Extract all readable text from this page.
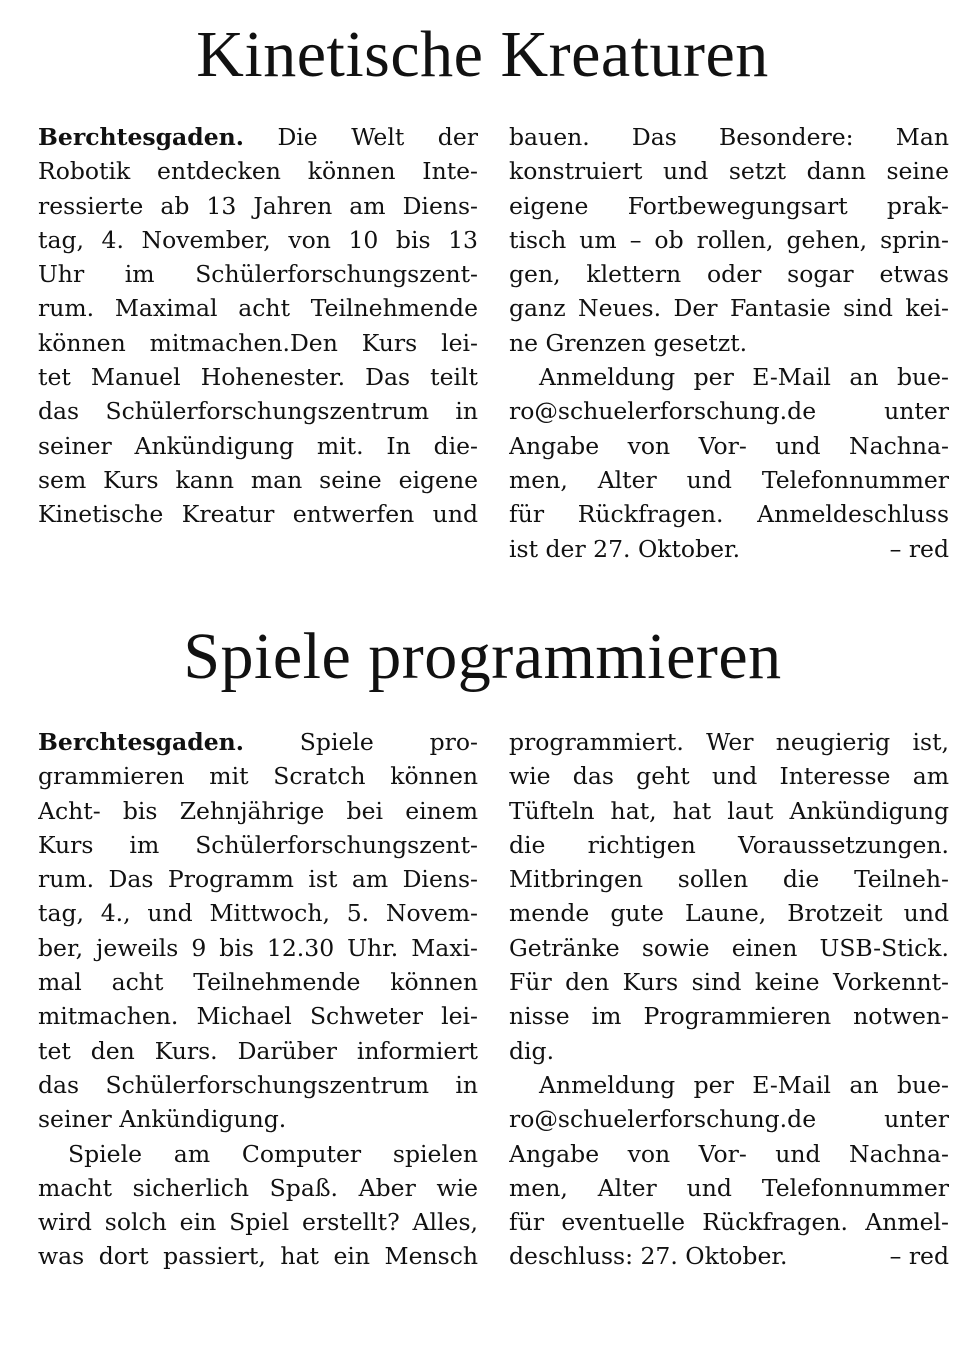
Kinetische Kreaturen
Berchtesgaden. Die Welt der
Robotik entdecken können Inte-
ressierte ab 13 Jahren am Diens-
tag, 4. November, von 10 bis 13
Uhr im Schülerforschungszent-
rum. Maximal acht Teilnehmende
können mitmachen.Den Kurs lei-
tet Manuel Hohenester. Das teilt
das Schülerforschungszentrum in
seiner Ankündigung mit. In die-
sem Kurs kann man seine eigene
Kinetische Kreatur entwerfen und
bauen. Das Besondere: Man
konstruiert und setzt dann seine
eigene Fortbewegungsart prak-
tisch um – ob rollen, gehen, sprin-
gen, klettern oder sogar etwas
ganz Neues. Der Fantasie sind kei-
ne Grenzen gesetzt.
Anmeldung per E-Mail an bue-
ro@schuelerforschung.de unter
Angabe von Vor- und Nachna-
men, Alter und Telefonnummer
für Rückfragen. Anmeldeschluss
ist der 27. Oktober.	– red
Spiele programmieren
Berchtesgaden. Spiele pro-
grammieren mit Scratch können
Acht- bis Zehnjährige bei einem
Kurs im Schülerforschungszent-
rum. Das Programm ist am Diens-
tag, 4., und Mittwoch, 5. Novem-
ber, jeweils 9 bis 12.30 Uhr. Maxi-
mal acht Teilnehmende können
mitmachen. Michael Schweter lei-
tet den Kurs. Darüber informiert
das Schülerforschungszentrum in
seiner Ankündigung.
Spiele am Computer spielen
macht sicherlich Spaß. Aber wie
wird solch ein Spiel erstellt? Alles,
was dort passiert, hat ein Mensch
programmiert. Wer neugierig ist,
wie das geht und Interesse am
Tüfteln hat, hat laut Ankündigung
die richtigen Voraussetzungen.
Mitbringen sollen die Teilneh-
mende gute Laune, Brotzeit und
Getränke sowie einen USB-Stick.
Für den Kurs sind keine Vorkennt-
nisse im Programmieren notwen-
dig.
Anmeldung per E-Mail an bue-
ro@schuelerforschung.de unter
Angabe von Vor- und Nachna-
men, Alter und Telefonnummer
für eventuelle Rückfragen. Anmel-
deschluss: 27. Oktober.	– red
